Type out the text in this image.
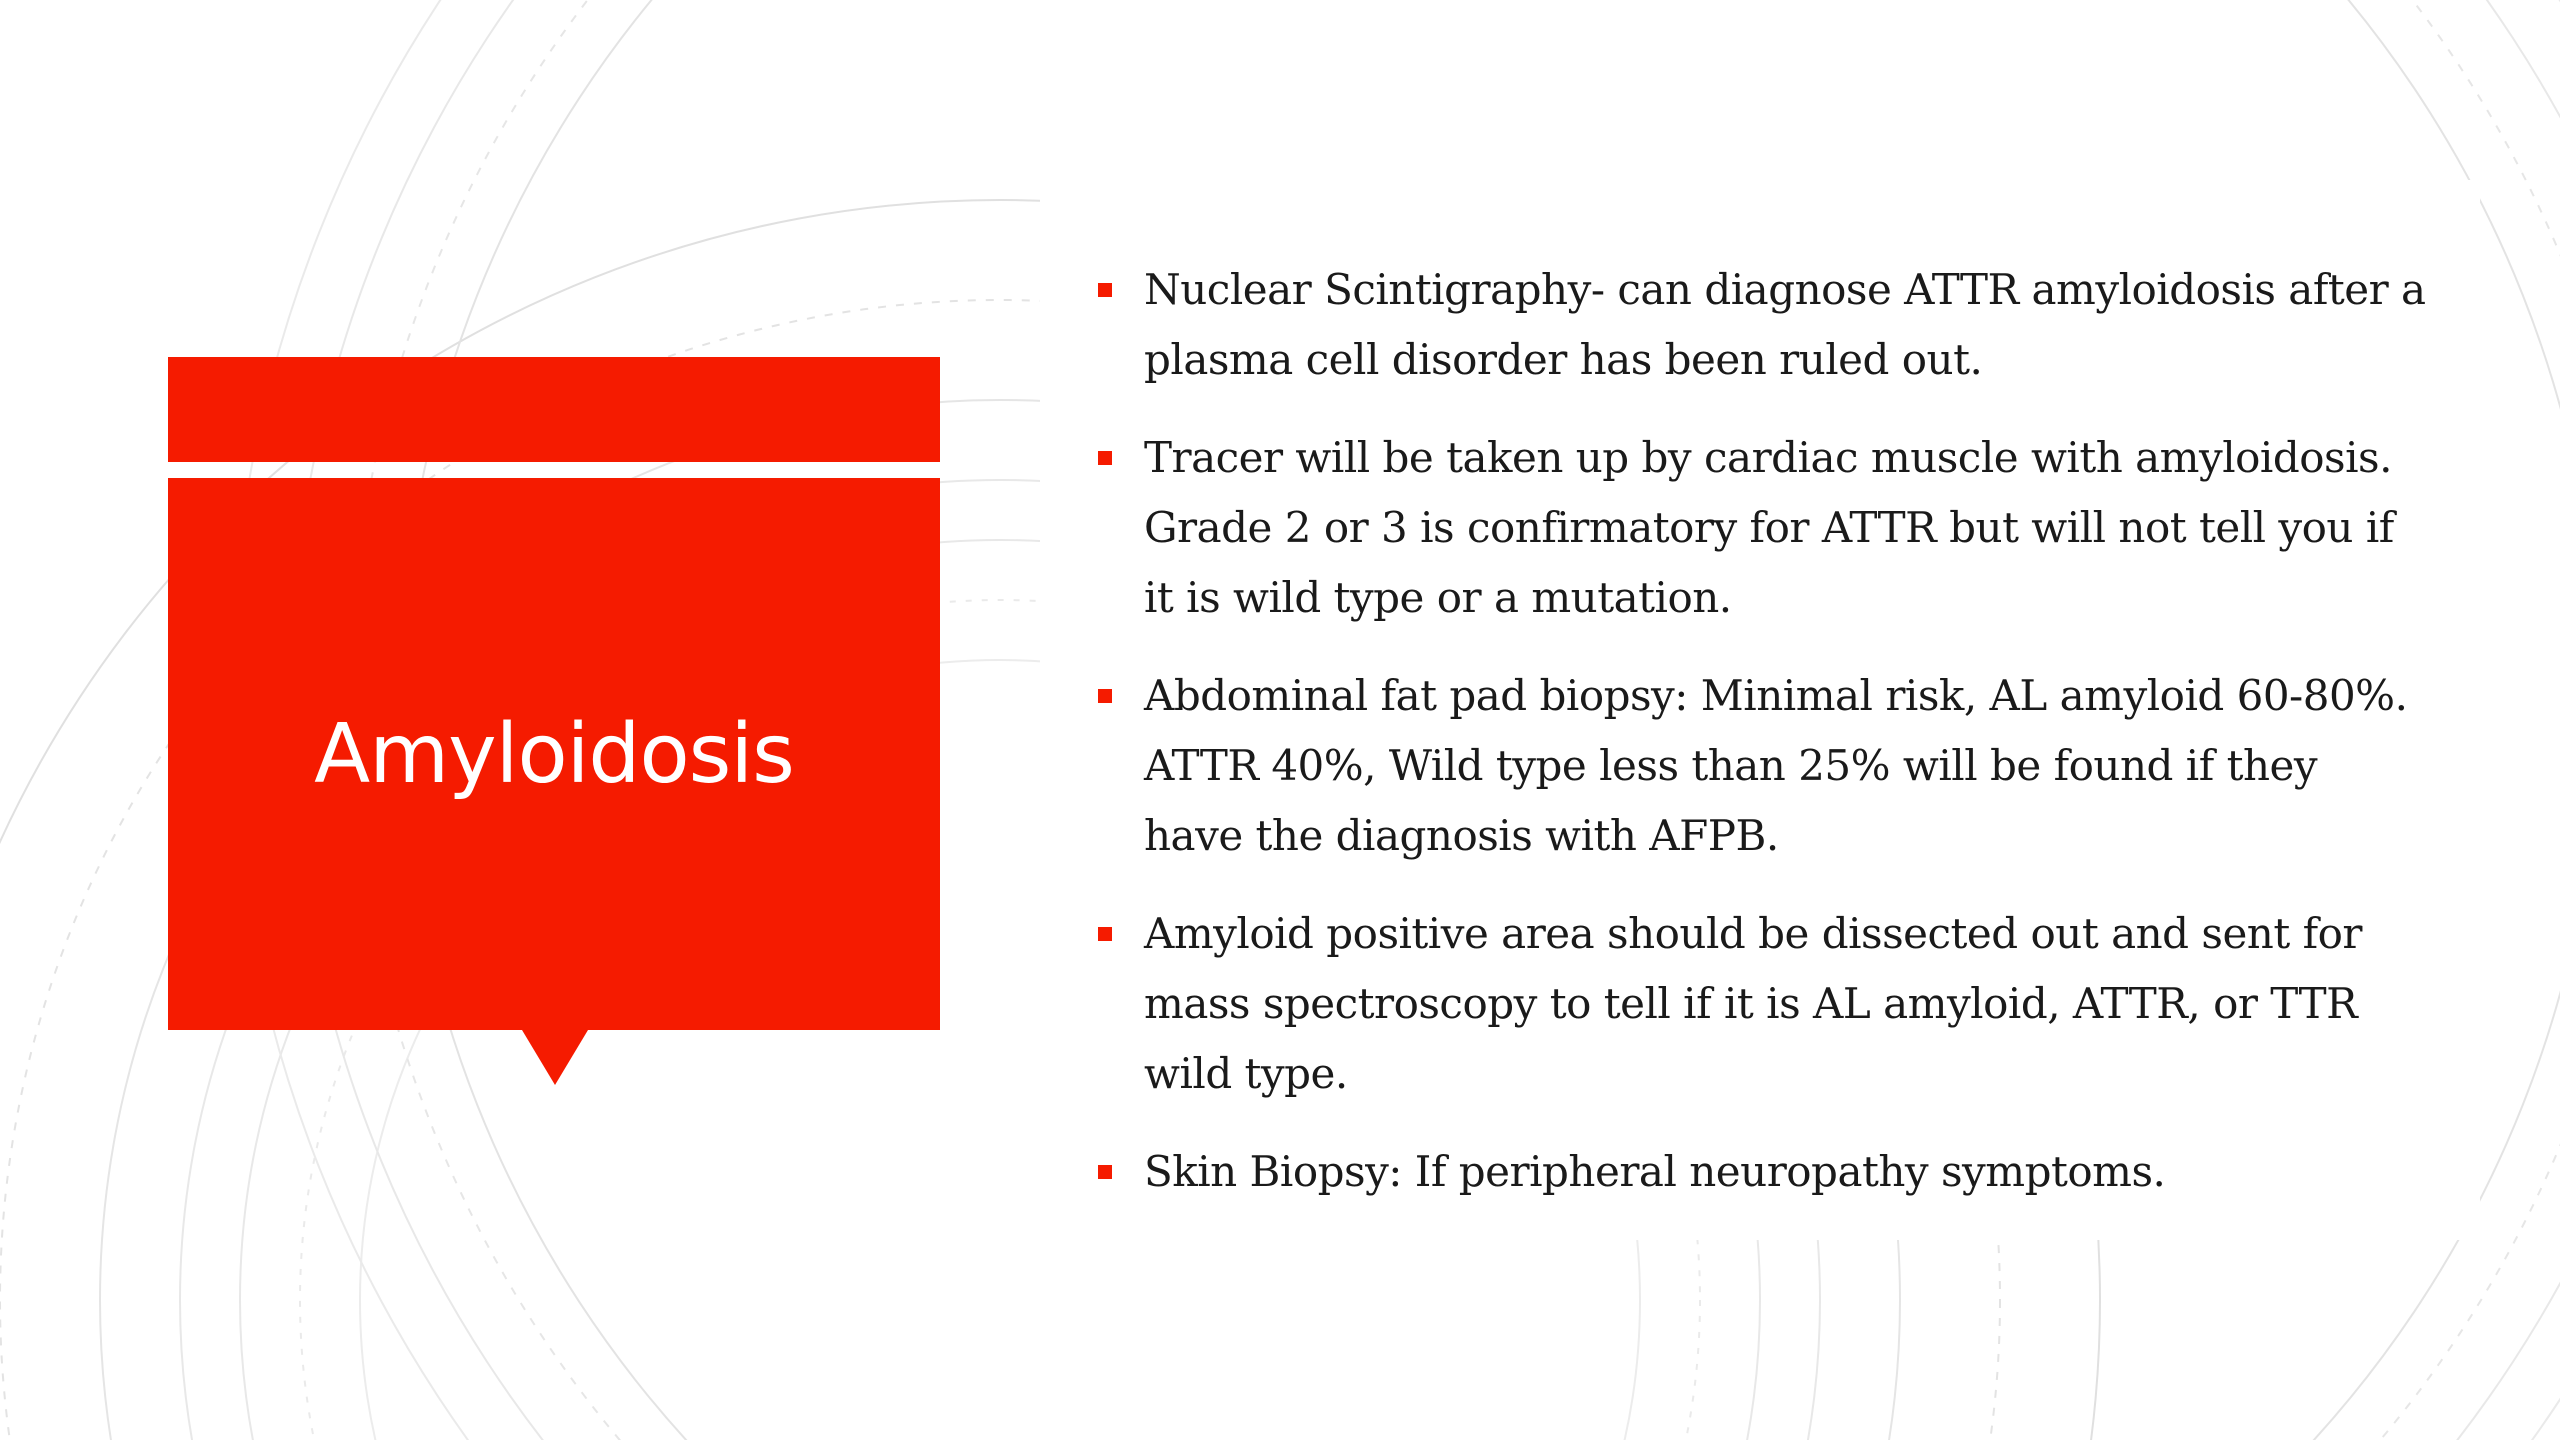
Amyloidosis
Nuclear Scintigraphy- can diagnose ATTR amyloidosis after a plasma cell disorder has been ruled out.
Tracer will be taken up by cardiac muscle with amyloidosis. Grade 2 or 3 is confirmatory for ATTR but will not tell you if it is wild type or a mutation.
Abdominal fat pad biopsy: Minimal risk, AL amyloid 60-80%. ATTR 40%, Wild type less than 25% will be found if they have the diagnosis with AFPB.
Amyloid positive area should be dissected out and sent for mass spectroscopy to tell if it is AL amyloid, ATTR, or TTR wild type.
Skin Biopsy: If peripheral neuropathy symptoms.
